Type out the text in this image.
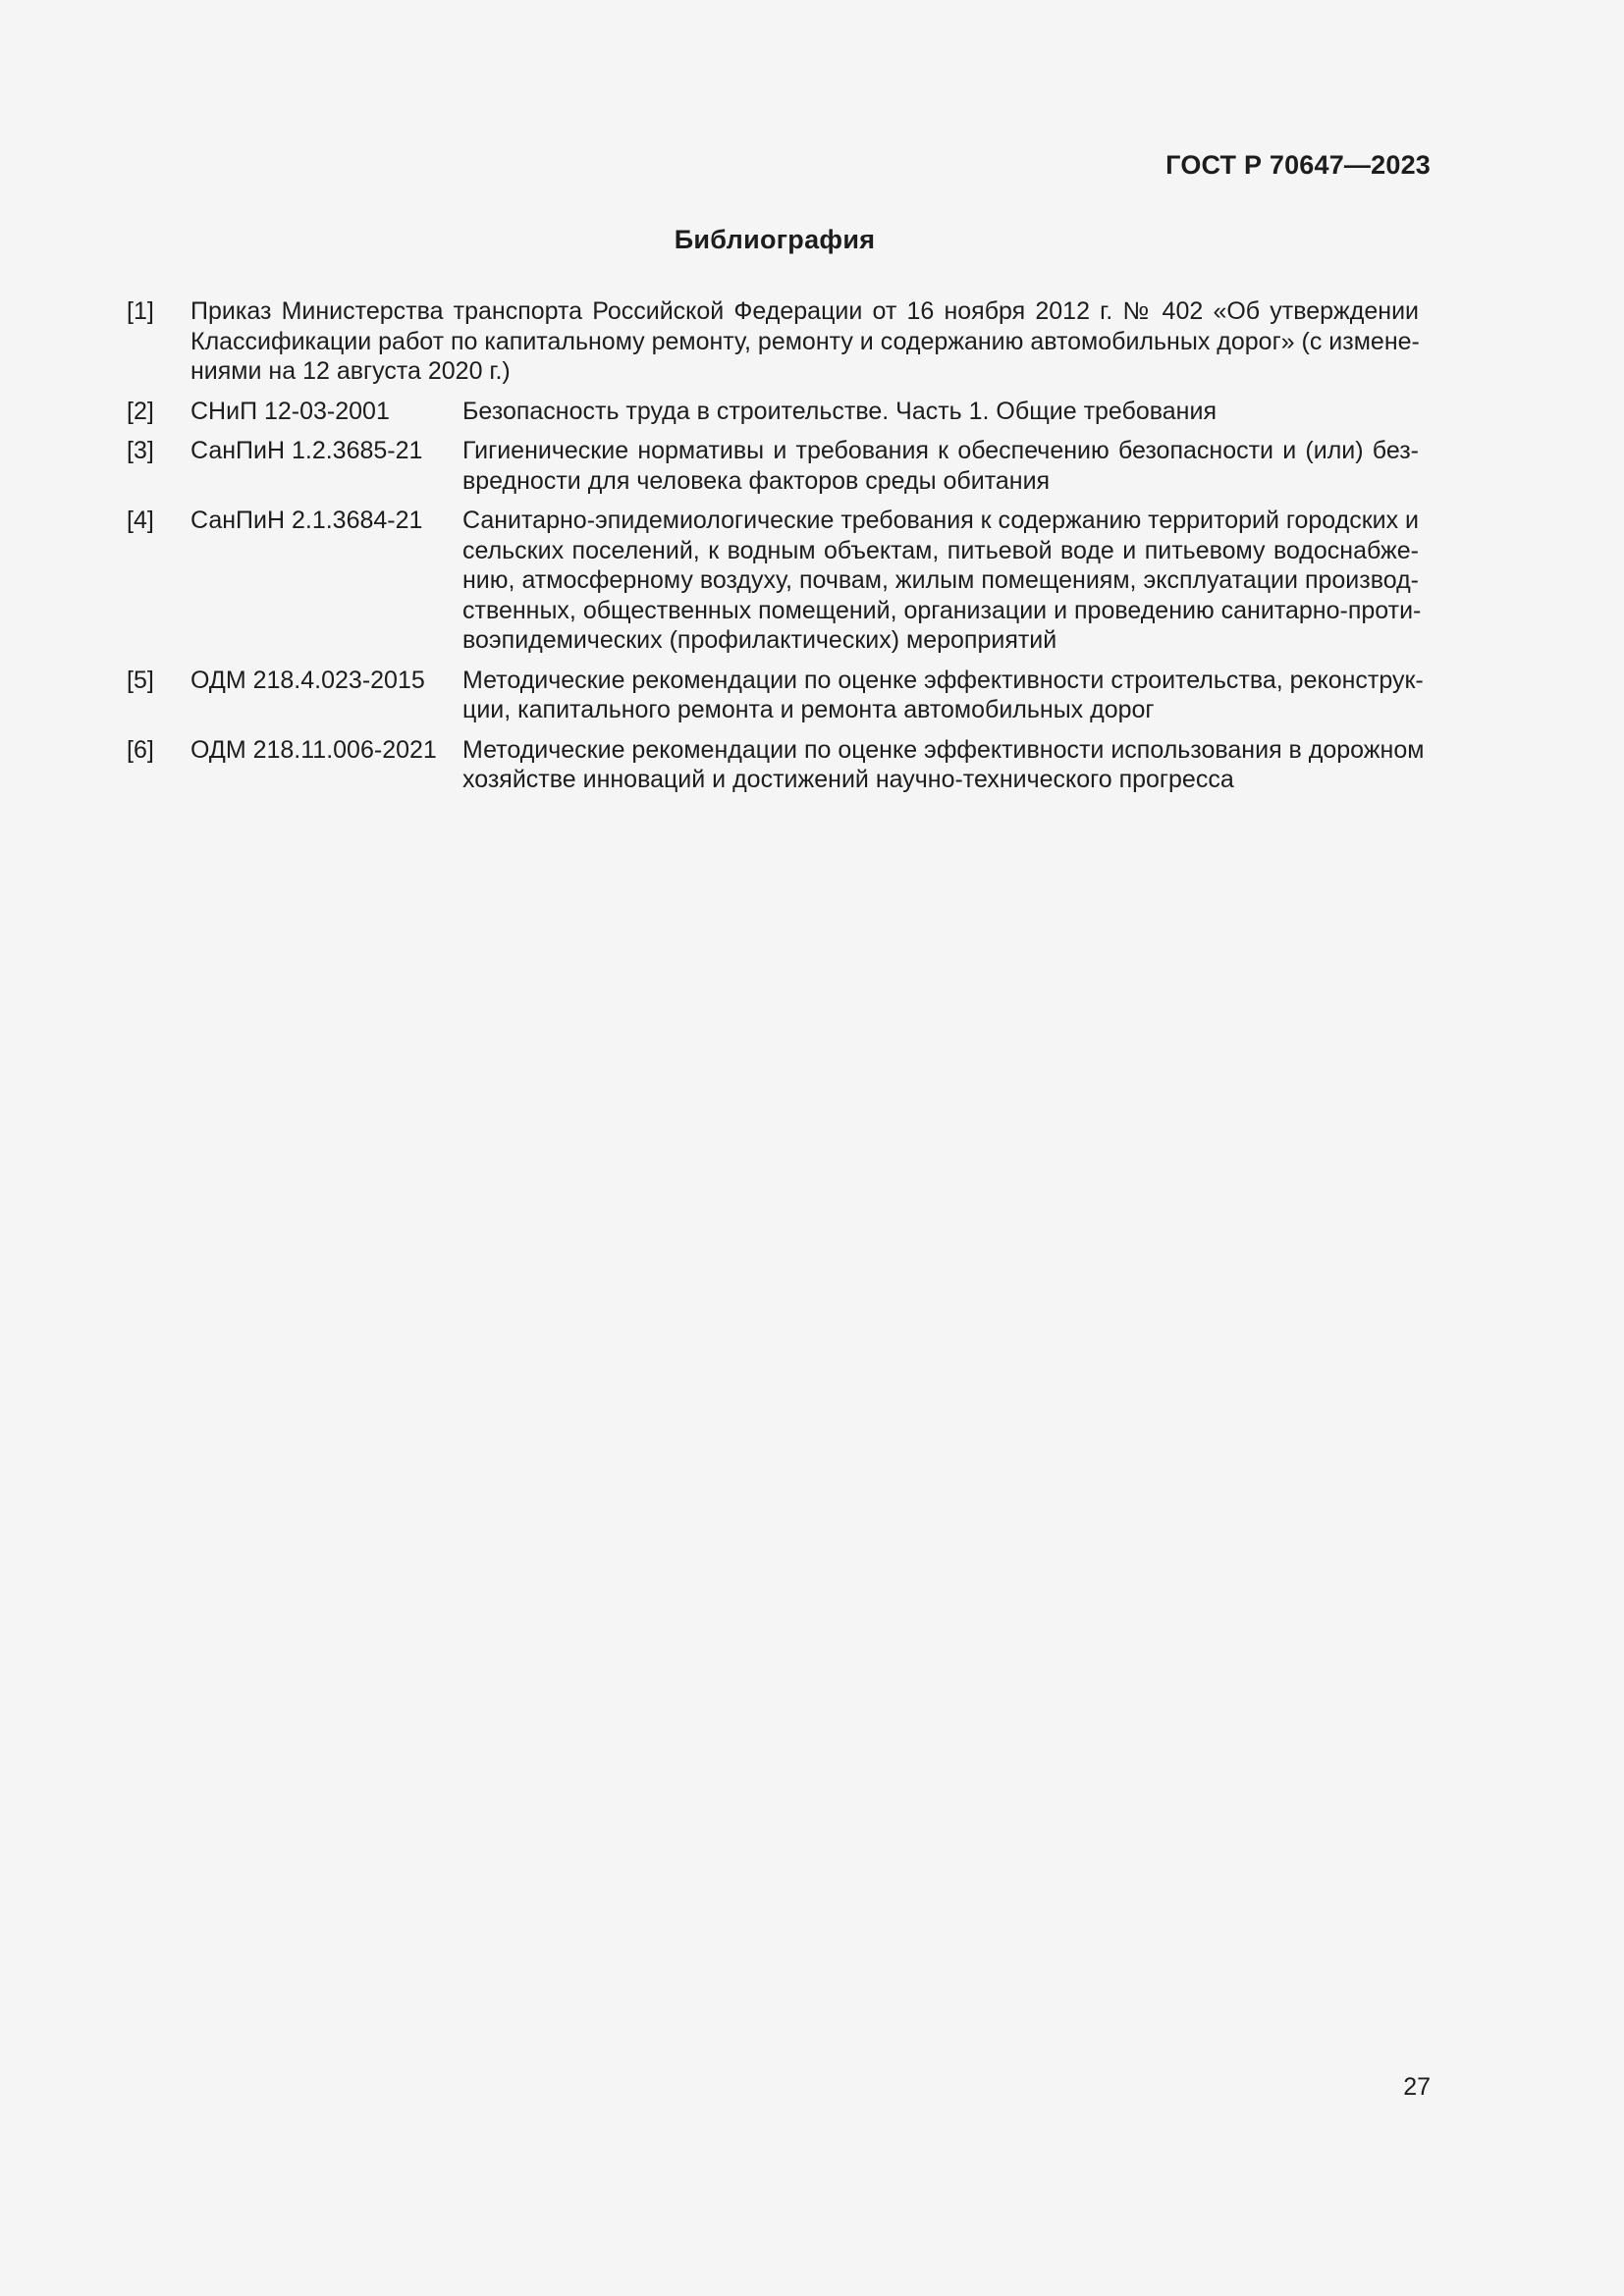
ГОСТ Р 70647—2023
Библиография
[1] Приказ Министерства транспорта Российской Федерации от 16 ноября 2012 г. № 402 «Об утверждении
Классификации работ по капитальному ремонту, ремонту и содержанию автомобильных дорог» (с измене-
ниями на 12 августа 2020 г.)
[2] СНиП 12-03-2001	Безопасность труда в строительстве. Часть 1. Общие требования
[3] СанПиН 1.2.3685-21 Гигиенические нормативы и требования к обеспечению безопасности и (или) без-
вредности для человека факторов среды обитания
[4] СанПиН 2.1.3684-21 Санитарно-эпидемиологические требования к содержанию территорий городских и
сельских поселений, к водным объектам, питьевой воде и питьевому водоснабже-
нию, атмосферному воздуху, почвам, жилым помещениям, эксплуатации производ-
ственных, общественных помещений, организации и проведению санитарно-проти-
воэпидемических (профилактических) мероприятий
[5] ОДМ 218.4.023-2015 Методические рекомендации по оценке эффективности строительства, реконструк-
ции, капитального ремонта и ремонта автомобильных дорог
[6] ОДМ 218.11.006-2021 Методические рекомендации по оценке эффективности использования в дорожном
хозяйстве инноваций и достижений научно-технического прогресса
27
